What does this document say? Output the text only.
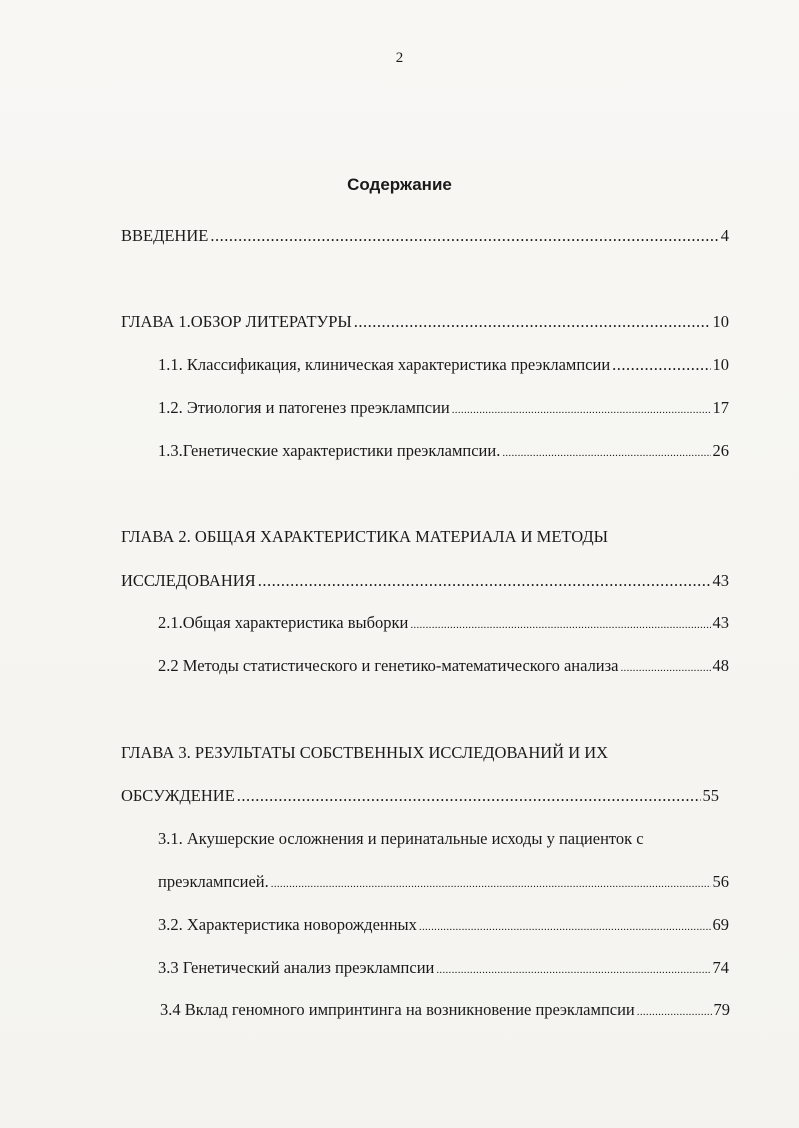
2
Содержание
ВВЕДЕНИЕ .....	4
ГЛАВА 1.ОБЗОР ЛИТЕРАТУРЫ .....	10
1.1. Классификация, клиническая характеристика преэклампсии .....	10
1.2. Этиология и патогенез преэклампсии .....	17
1.3.Генетические характеристики преэклампсии. .....	26
ГЛАВА 2. ОБЩАЯ ХАРАКТЕРИСТИКА МАТЕРИАЛА И МЕТОДЫ
ИССЛЕДОВАНИЯ .....	43
2.1.Общая характеристика выборки .....	43
2.2 Методы статистического и генетико-математического анализа .....	48
ГЛАВА 3. РЕЗУЛЬТАТЫ СОБСТВЕННЫХ ИССЛЕДОВАНИЙ И ИХ
ОБСУЖДЕНИЕ .....	55
3.1. Акушерские осложнения и перинатальные исходы у пациенток с
преэклампсией. .....	56
3.2. Характеристика новорожденных .....	69
3.3 Генетический анализ преэклампсии .....	74
3.4 Вклад геномного импринтинга на возникновение преэклампсии .....	79
